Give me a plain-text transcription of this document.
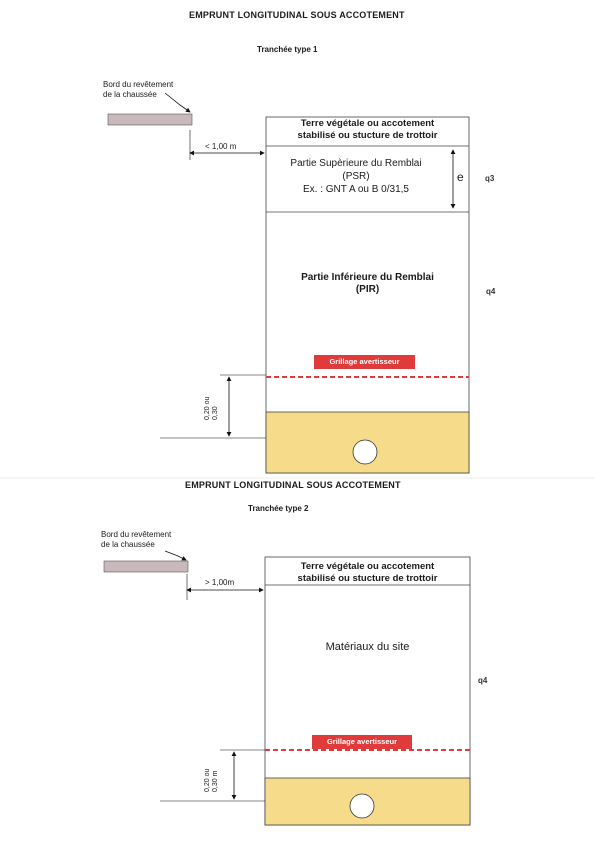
EMPRUNT LONGITUDINAL SOUS ACCOTEMENT
Tranchée type 1
Bord du revêtement
de la chaussée
< 1,00 m
Terre végétale ou accotement
stabilisé ou stucture de trottoir
Partie Supèrieure du Remblai
(PSR)
Ex. : GNT A ou B 0/31,5
e	q3
Partie Inférieure du Remblai
(PIR)	q4
Grillage avertisseur
0,20 ou 0,30
EMPRUNT LONGITUDINAL SOUS ACCOTEMENT
Tranchée type 2
Bord du revêtement
de la chaussée
> 1,00m
Terre végétale ou accotement
stabilisé ou stucture de trottoir
Matériaux du site
q4
Grillage avertisseur
0,20 ou 0,30 m
